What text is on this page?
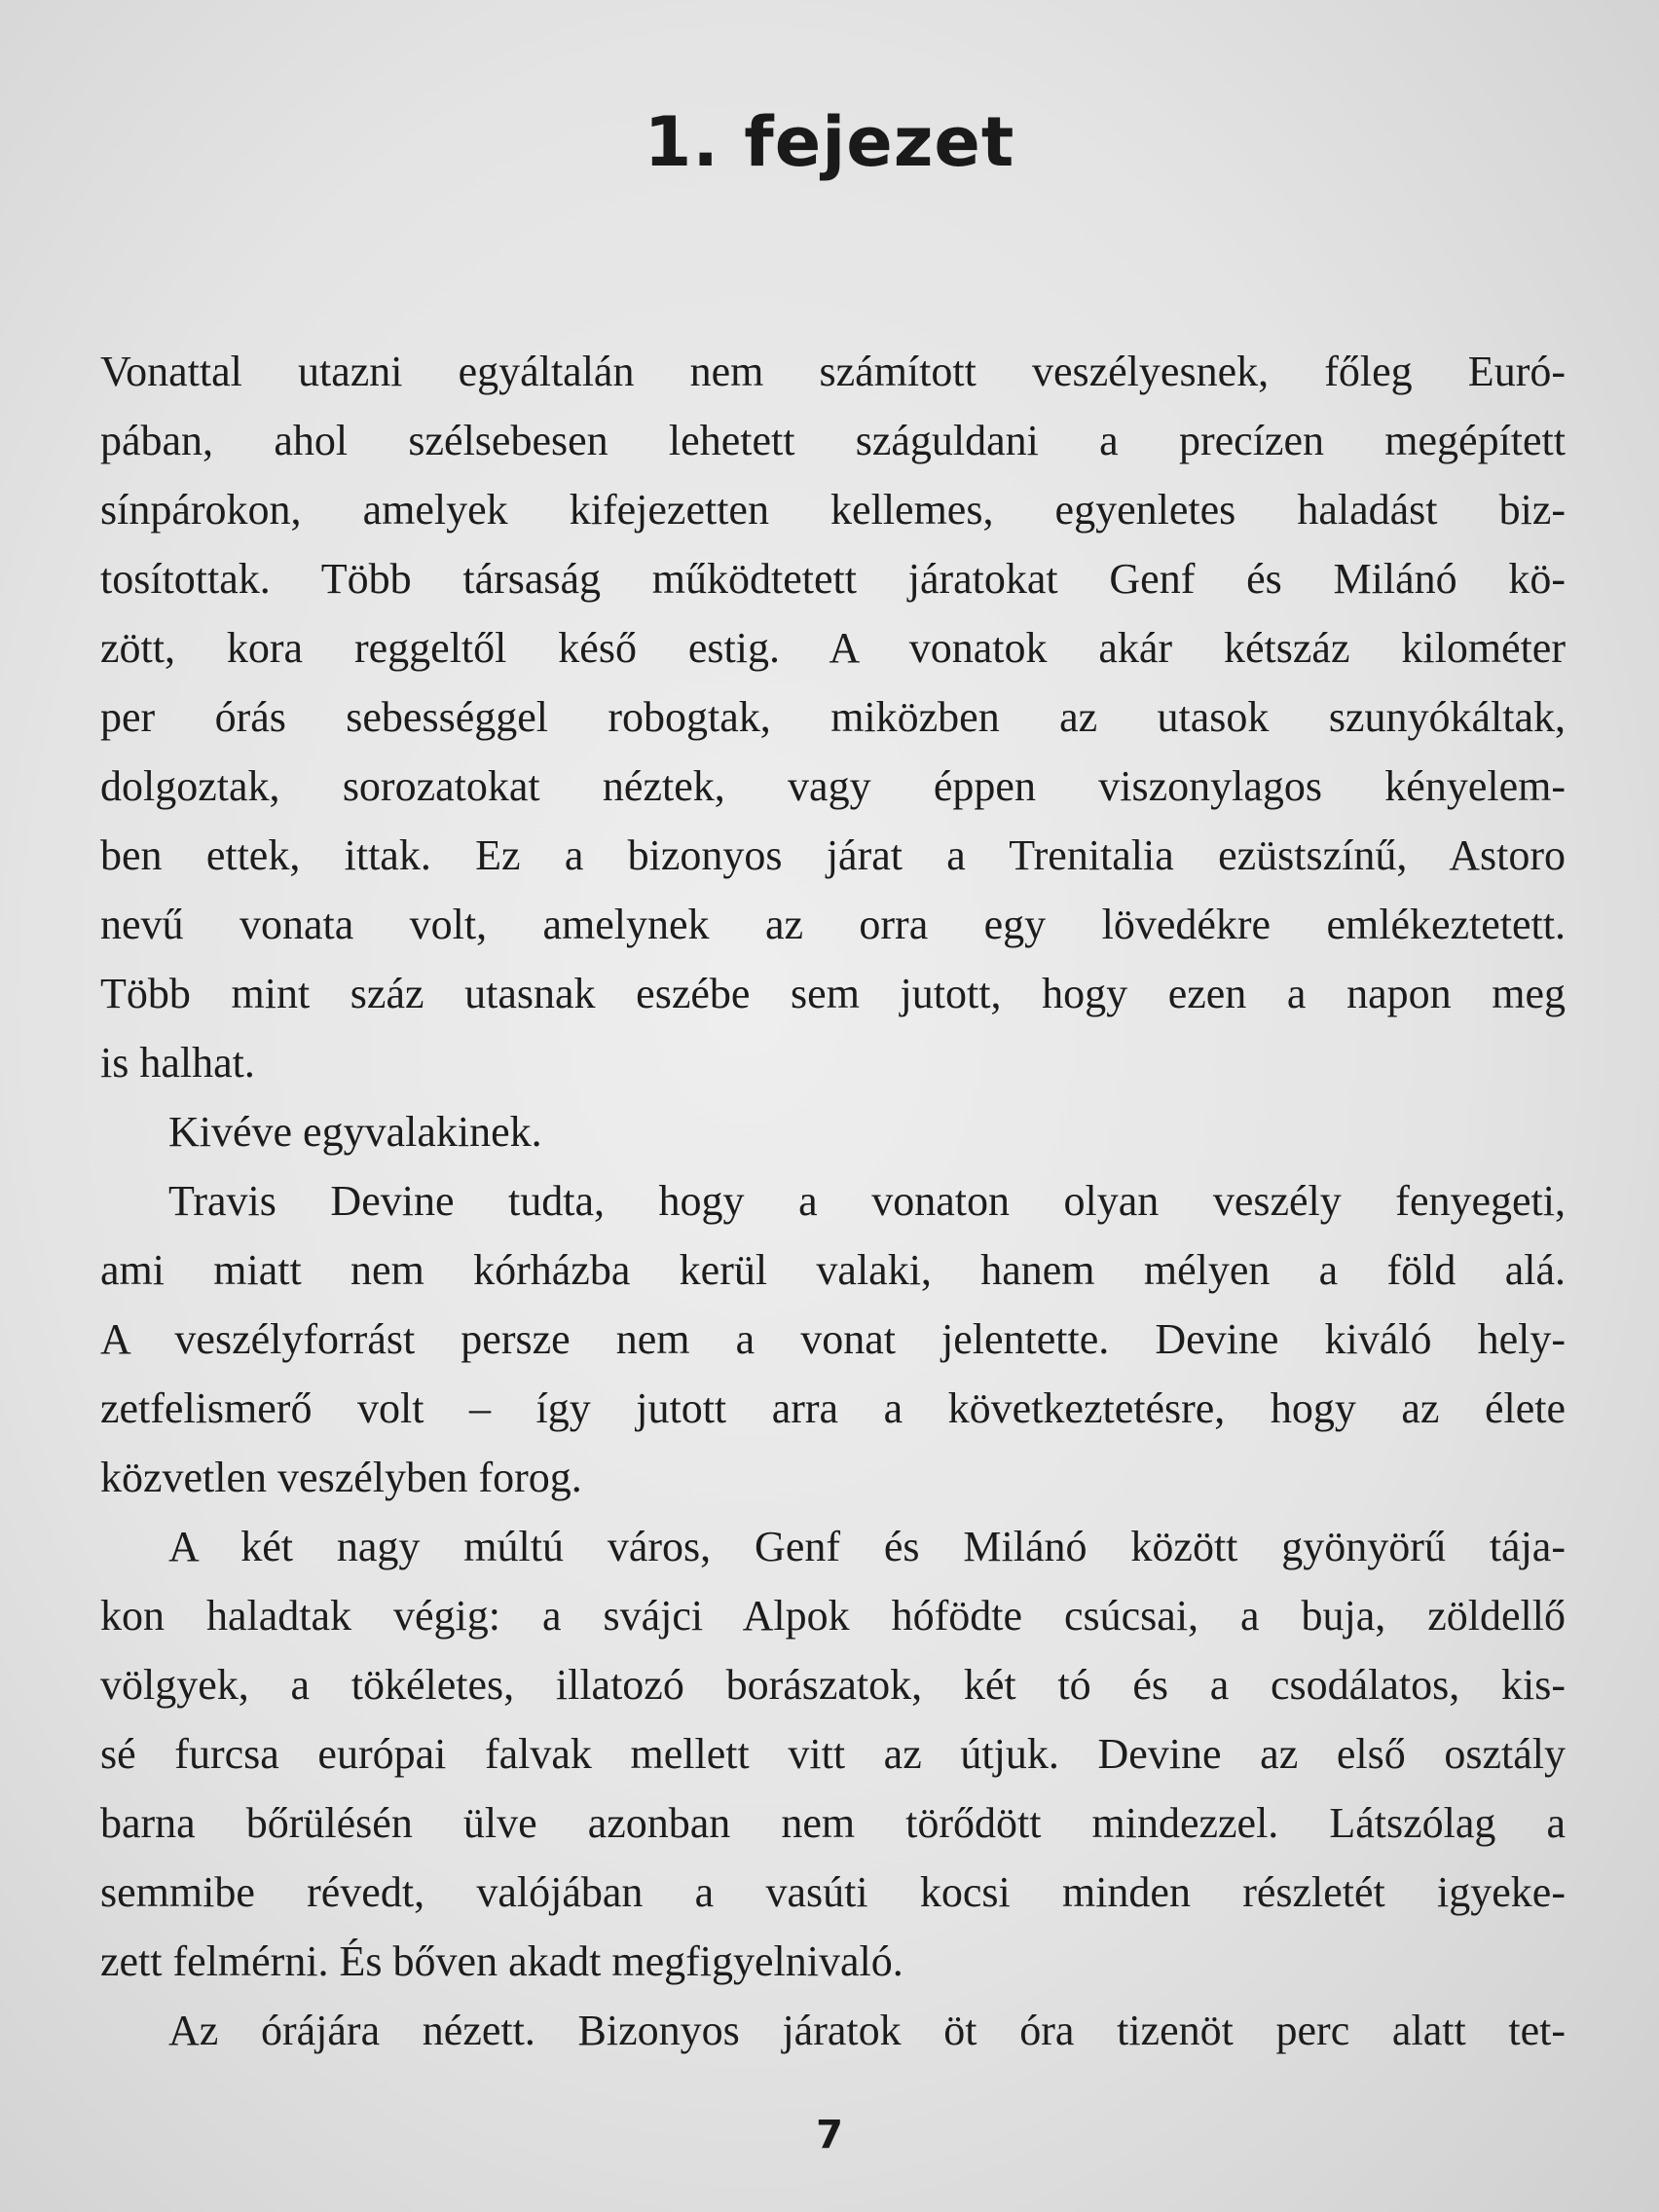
1. fejezet
Vonattal utazni egyáltalán nem számított veszélyesnek, főleg Euró-
pában, ahol szélsebesen lehetett száguldani a precízen megépített
sínpárokon, amelyek kifejezetten kellemes, egyenletes haladást biz-
tosítottak. Több társaság működtetett járatokat Genf és Milánó kö-
zött, kora reggeltől késő estig. A vonatok akár kétszáz kilométer
per órás sebességgel robogtak, miközben az utasok szunyókáltak,
dolgoztak, sorozatokat néztek, vagy éppen viszonylagos kényelem-
ben ettek, ittak. Ez a bizonyos járat a Trenitalia ezüstszínű, Astoro
nevű vonata volt, amelynek az orra egy lövedékre emlékeztetett.
Több mint száz utasnak eszébe sem jutott, hogy ezen a napon meg
is halhat.
Kivéve egyvalakinek.
Travis Devine tudta, hogy a vonaton olyan veszély fenyegeti,
ami miatt nem kórházba kerül valaki, hanem mélyen a föld alá.
A veszélyforrást persze nem a vonat jelentette. Devine kiváló hely-
zetfelismerő volt – így jutott arra a következtetésre, hogy az élete
közvetlen veszélyben forog.
A két nagy múltú város, Genf és Milánó között gyönyörű tája-
kon haladtak végig: a svájci Alpok hófödte csúcsai, a buja, zöldellő
völgyek, a tökéletes, illatozó borászatok, két tó és a csodálatos, kis-
sé furcsa európai falvak mellett vitt az útjuk. Devine az első osztály
barna bőrülésén ülve azonban nem törődött mindezzel. Látszólag a
semmibe révedt, valójában a vasúti kocsi minden részletét igyeke-
zett felmérni. És bőven akadt megfigyelnivaló.
Az órájára nézett. Bizonyos járatok öt óra tizenöt perc alatt tet-
7
